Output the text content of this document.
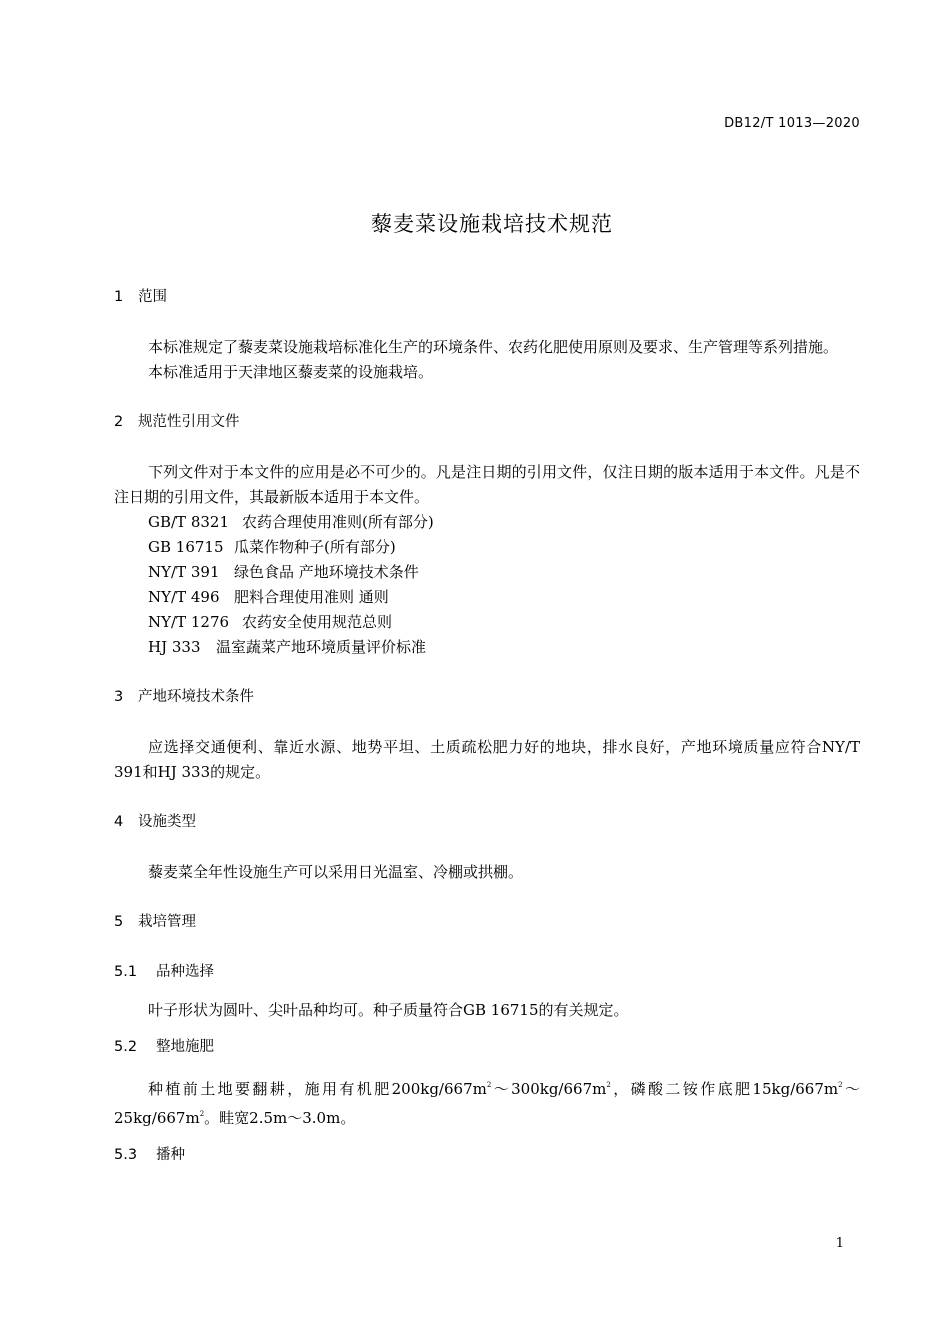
DB12/T 1013—2020
藜麦菜设施栽培技术规范
1 范围

本标准规定了藜麦菜设施栽培标准化生产的环境条件、农药化肥使用原则及要求、生产管理等系列措施。

本标准适用于天津地区藜麦菜的设施栽培。

2 规范性引用文件

下列文件对于本文件的应用是必不可少的。凡是注日期的引用文件，仅注日期的版本适用于本文件。凡是不注日期的引用文件，其最新版本适用于本文件。

GB/T 8321 农药合理使用准则(所有部分)
GB 16715 瓜菜作物种子(所有部分)
NY/T 391 绿色食品 产地环境技术条件
NY/T 496 肥料合理使用准则 通则
NY/T 1276 农药安全使用规范总则
HJ 333 温室蔬菜产地环境质量评价标准
3 产地环境技术条件

应选择交通便利、靠近水源、地势平坦、土质疏松肥力好的地块，排水良好，产地环境质量应符合NY/T 391和HJ 333的规定。

4 设施类型

藜麦菜全年性设施生产可以采用日光温室、冷棚或拱棚。

5 栽培管理
5.1 品种选择

叶子形状为圆叶、尖叶品种均可。种子质量符合GB 16715的有关规定。

5.2 整地施肥

种植前土地要翻耕，施用有机肥$200kg/667m^2\sim 300kg/667m^2$，磷酸二铵作底肥$15kg/667m^2\sim 25kg/667m^2$。畦宽2.5m～3.0m。

5.3 播种
1
